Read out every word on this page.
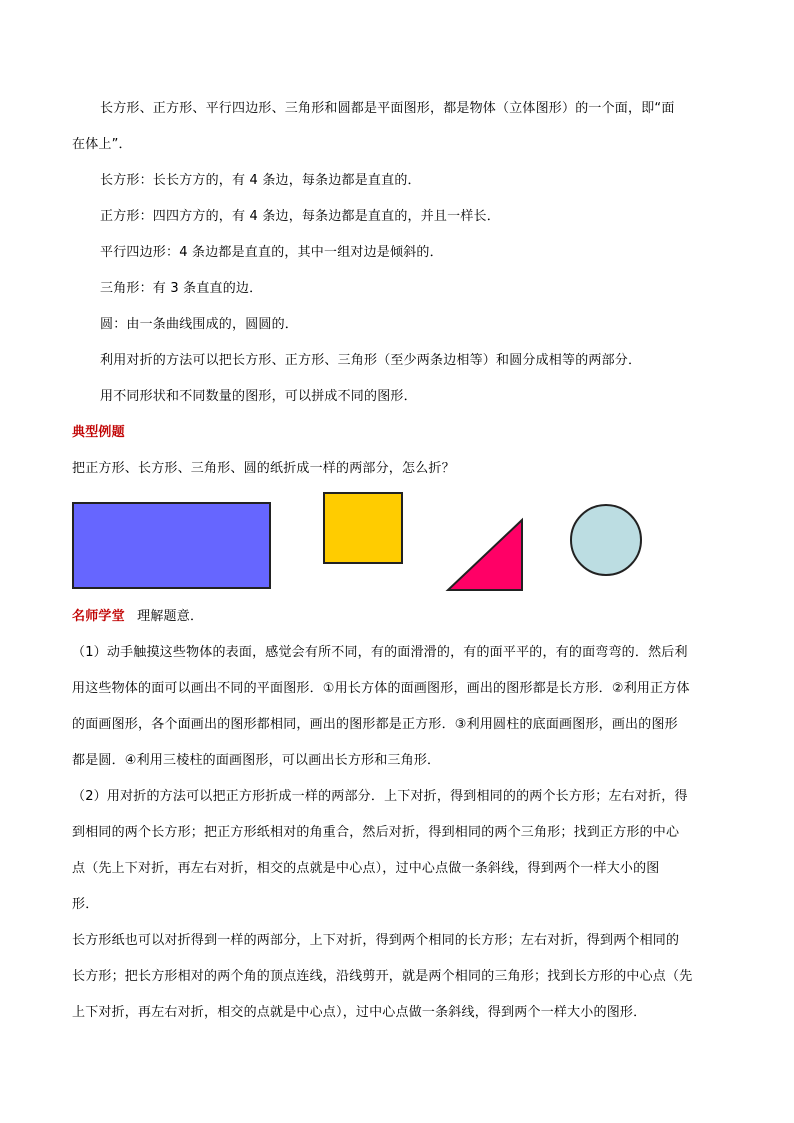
长方形、正方形、平行四边形、三角形和圆都是平面图形，都是物体（立体图形）的一个面，即“面
在体上”．
长方形：长长方方的，有 4 条边，每条边都是直直的．
正方形：四四方方的，有 4 条边，每条边都是直直的，并且一样长．
平行四边形：4 条边都是直直的，其中一组对边是倾斜的．
三角形：有 3 条直直的边．
圆：由一条曲线围成的，圆圆的．
利用对折的方法可以把长方形、正方形、三角形（至少两条边相等）和圆分成相等的两部分．
用不同形状和不同数量的图形，可以拼成不同的图形．
典型例题
把正方形、长方形、三角形、圆的纸折成一样的两部分，怎么折？
名师学堂 理解题意．
（1）动手触摸这些物体的表面，感觉会有所不同，有的面滑滑的，有的面平平的，有的面弯弯的．然后利
用这些物体的面可以画出不同的平面图形．①用长方体的面画图形，画出的图形都是长方形．②利用正方体
的面画图形，各个面画出的图形都相同，画出的图形都是正方形．③利用圆柱的底面画图形，画出的图形
都是圆．④利用三棱柱的面画图形，可以画出长方形和三角形．
（2）用对折的方法可以把正方形折成一样的两部分．上下对折，得到相同的的两个长方形；左右对折，得
到相同的两个长方形；把正方形纸相对的角重合，然后对折，得到相同的两个三角形；找到正方形的中心
点（先上下对折，再左右对折，相交的点就是中心点），过中心点做一条斜线，得到两个一样大小的图
形．
长方形纸也可以对折得到一样的两部分，上下对折，得到两个相同的长方形；左右对折，得到两个相同的
长方形；把长方形相对的两个角的顶点连线，沿线剪开，就是两个相同的三角形；找到长方形的中心点（先
上下对折，再左右对折，相交的点就是中心点），过中心点做一条斜线，得到两个一样大小的图形．
